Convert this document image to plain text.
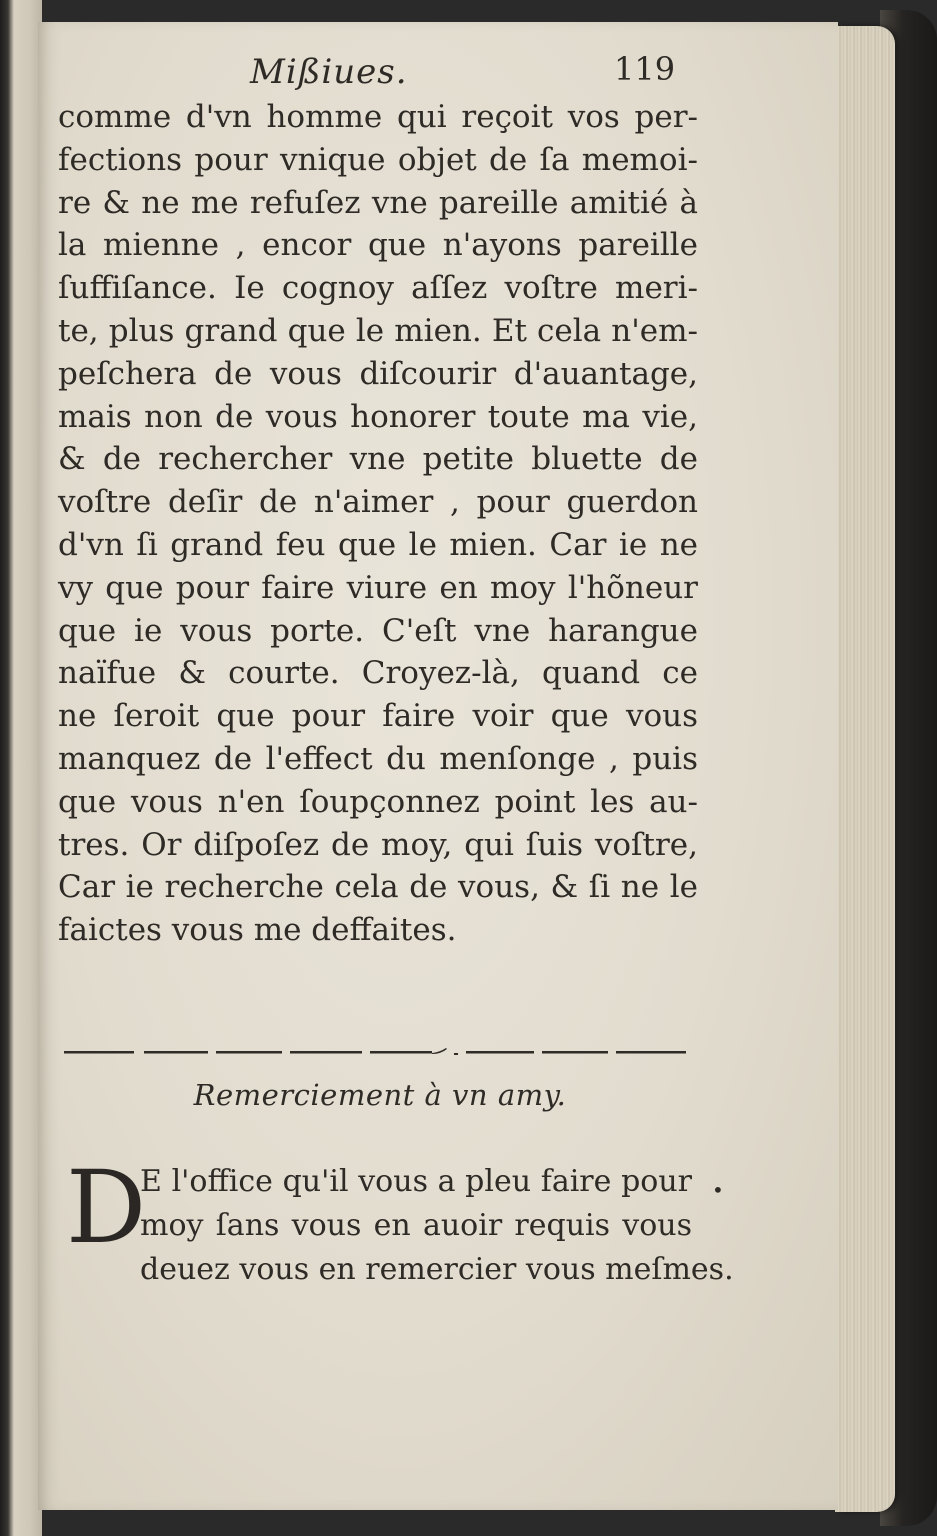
Mißiues.	119
comme d'vn homme qui reçoit vos per-
fections pour vnique objet de ſa memoi-
re & ne me refuſez vne pareille amitié à
la mienne , encor que n'ayons pareille
ſuffiſance. Ie cognoy aſſez voſtre meri-
te, plus grand que le mien. Et cela n'em-
peſchera de vous diſcourir d'auantage,
mais non de vous honorer toute ma vie,
& de rechercher vne petite bluette de
voſtre deſir de n'aimer , pour guerdon
d'vn ſi grand feu que le mien. Car ie ne
vy que pour faire viure en moy l'hõneur
que ie vous porte. C'eſt vne harangue
naïfue & courte. Croyez-là, quand ce
ne ſeroit que pour faire voir que vous
manquez de l'effect du menſonge , puis
que vous n'en ſoupçonnez point les au-
tres. Or diſpoſez de moy, qui ſuis voſtre,
Car ie recherche cela de vous, & ſi ne le
faictes vous me deffaites.
Remerciement à vn amy.
D
E l'office qu'il vous a pleu faire pour
moy ſans vous en auoir requis vous
deuez vous en remercier vous meſmes.
•
